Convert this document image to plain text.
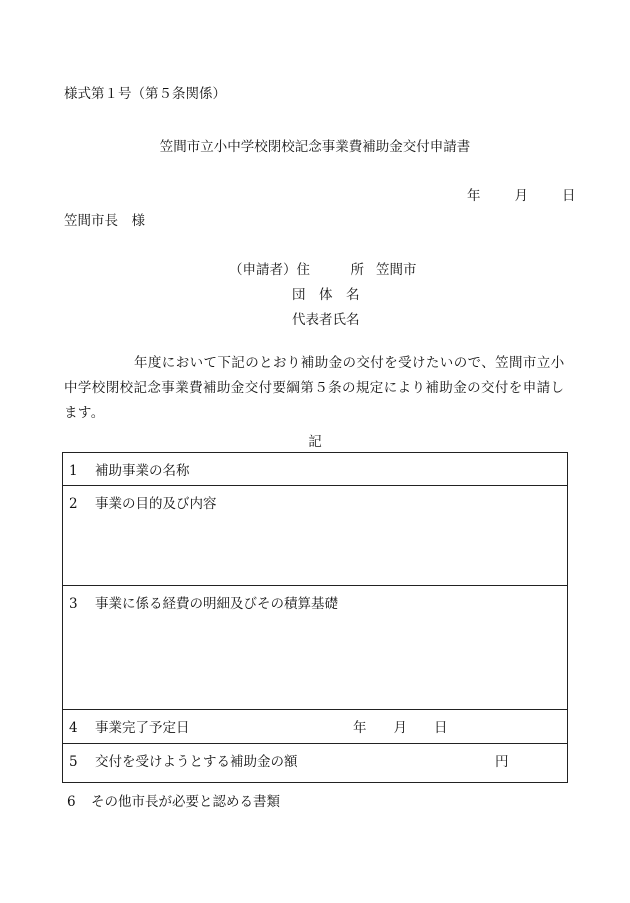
様式第１号（第５条関係）
笠間市立小中学校閉校記念事業費補助金交付申請書
年	月	日
笠間市長　様
（申請者）住　　　所 笠間市
団　体　名
代表者氏名
年度において下記のとおり補助金の交付を受けたいので、笠間市立小中学校閉校記念事業費補助金交付要綱第５条の規定により補助金の交付を申請します。
記
1 補助事業の名称
2 事業の目的及び内容
3 事業に係る経費の明細及びその積算基礎
4 事業完了予定日	年　　月　　日

5 交付を受けようとする補助金の額	円
6 その他市長が必要と認める書類
